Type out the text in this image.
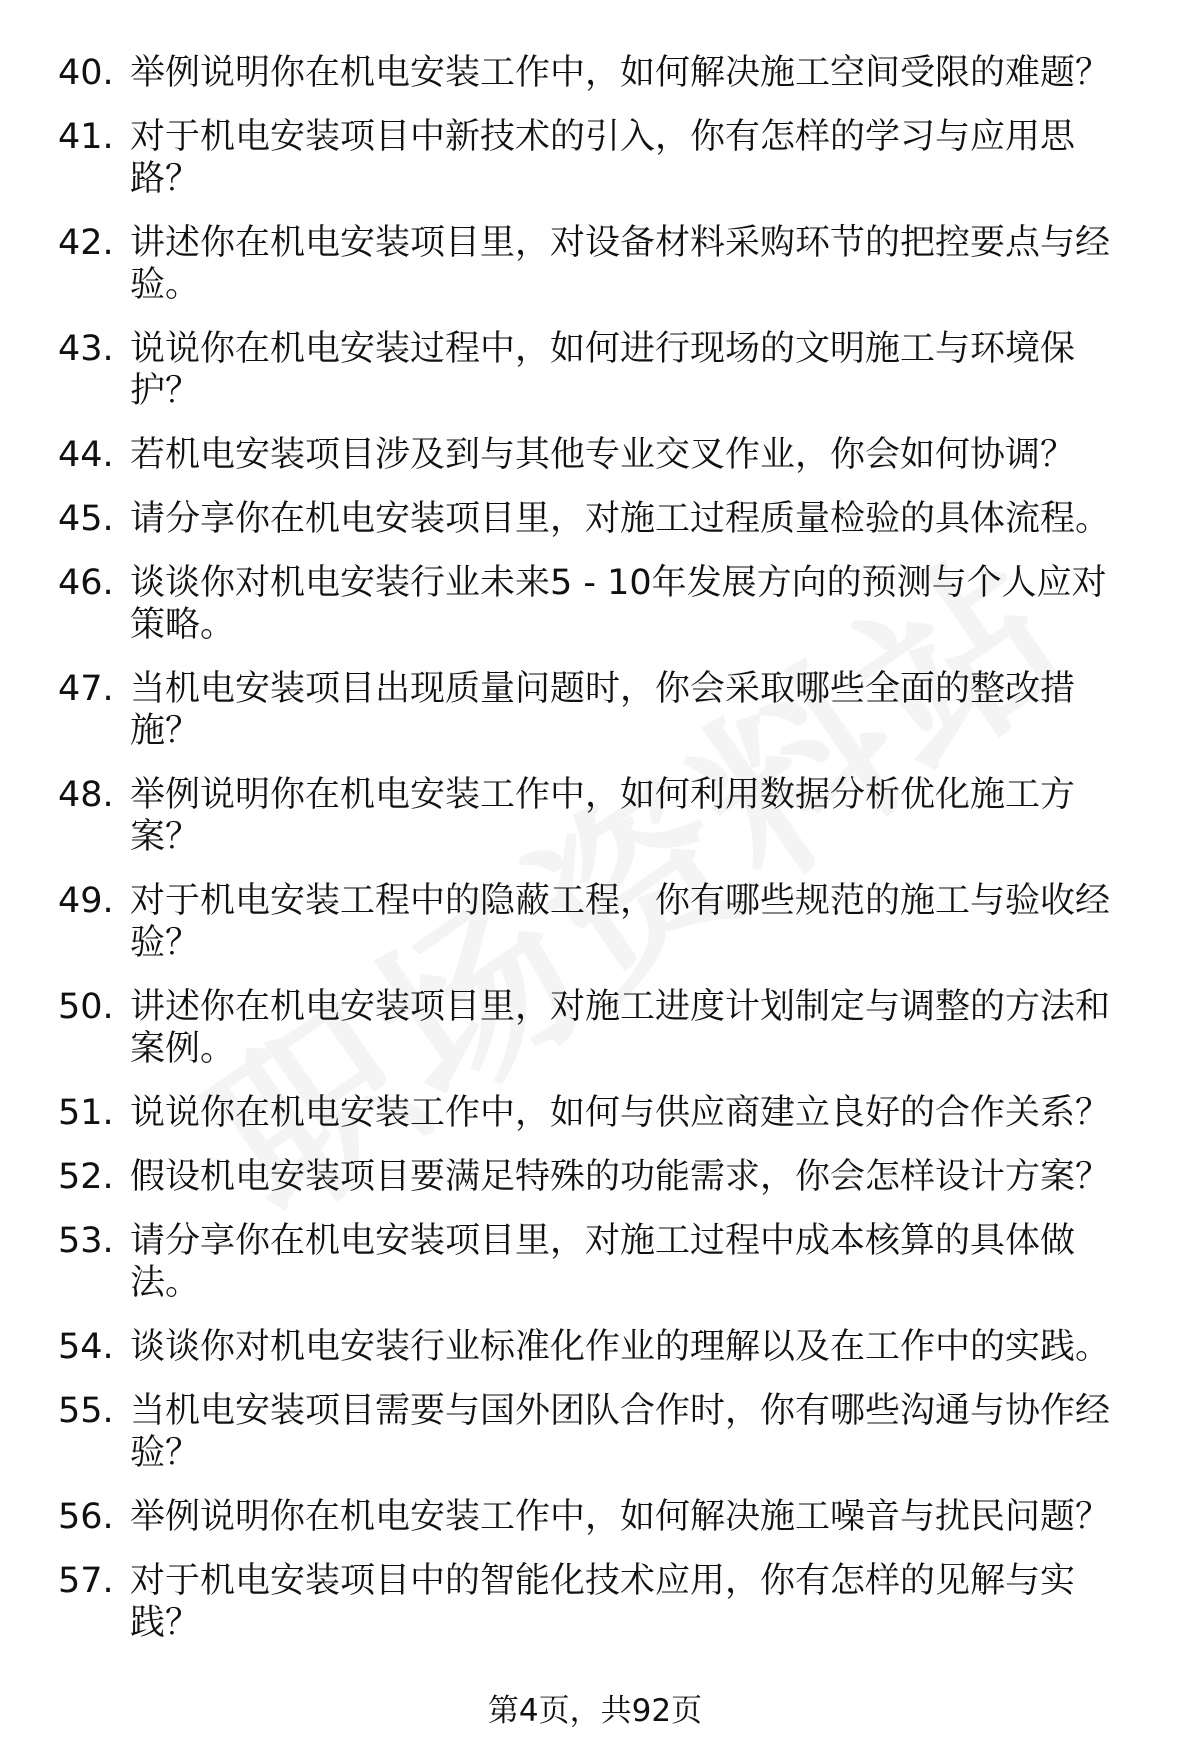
40. 举例说明你在机电安装工作中，如何解决施工空间受限的难题？
41. 对于机电安装项目中新技术的引入，你有怎样的学习与应用思路？
42. 讲述你在机电安装项目里，对设备材料采购环节的把控要点与经验。
43. 说说你在机电安装过程中，如何进行现场的文明施工与环境保护？
44. 若机电安装项目涉及到与其他专业交叉作业，你会如何协调？
45. 请分享你在机电安装项目里，对施工过程质量检验的具体流程。
46. 谈谈你对机电安装行业未来5 - 10年发展方向的预测与个人应对策略。
47. 当机电安装项目出现质量问题时，你会采取哪些全面的整改措施？
48. 举例说明你在机电安装工作中，如何利用数据分析优化施工方案？
49. 对于机电安装工程中的隐蔽工程，你有哪些规范的施工与验收经验？
50. 讲述你在机电安装项目里，对施工进度计划制定与调整的方法和案例。
51. 说说你在机电安装工作中，如何与供应商建立良好的合作关系？
52. 假设机电安装项目要满足特殊的功能需求，你会怎样设计方案？
53. 请分享你在机电安装项目里，对施工过程中成本核算的具体做法。
54. 谈谈你对机电安装行业标准化作业的理解以及在工作中的实践。
55. 当机电安装项目需要与国外团队合作时，你有哪些沟通与协作经验？
56. 举例说明你在机电安装工作中，如何解决施工噪音与扰民问题？
57. 对于机电安装项目中的智能化技术应用，你有怎样的见解与实践？
第4页，共92页
